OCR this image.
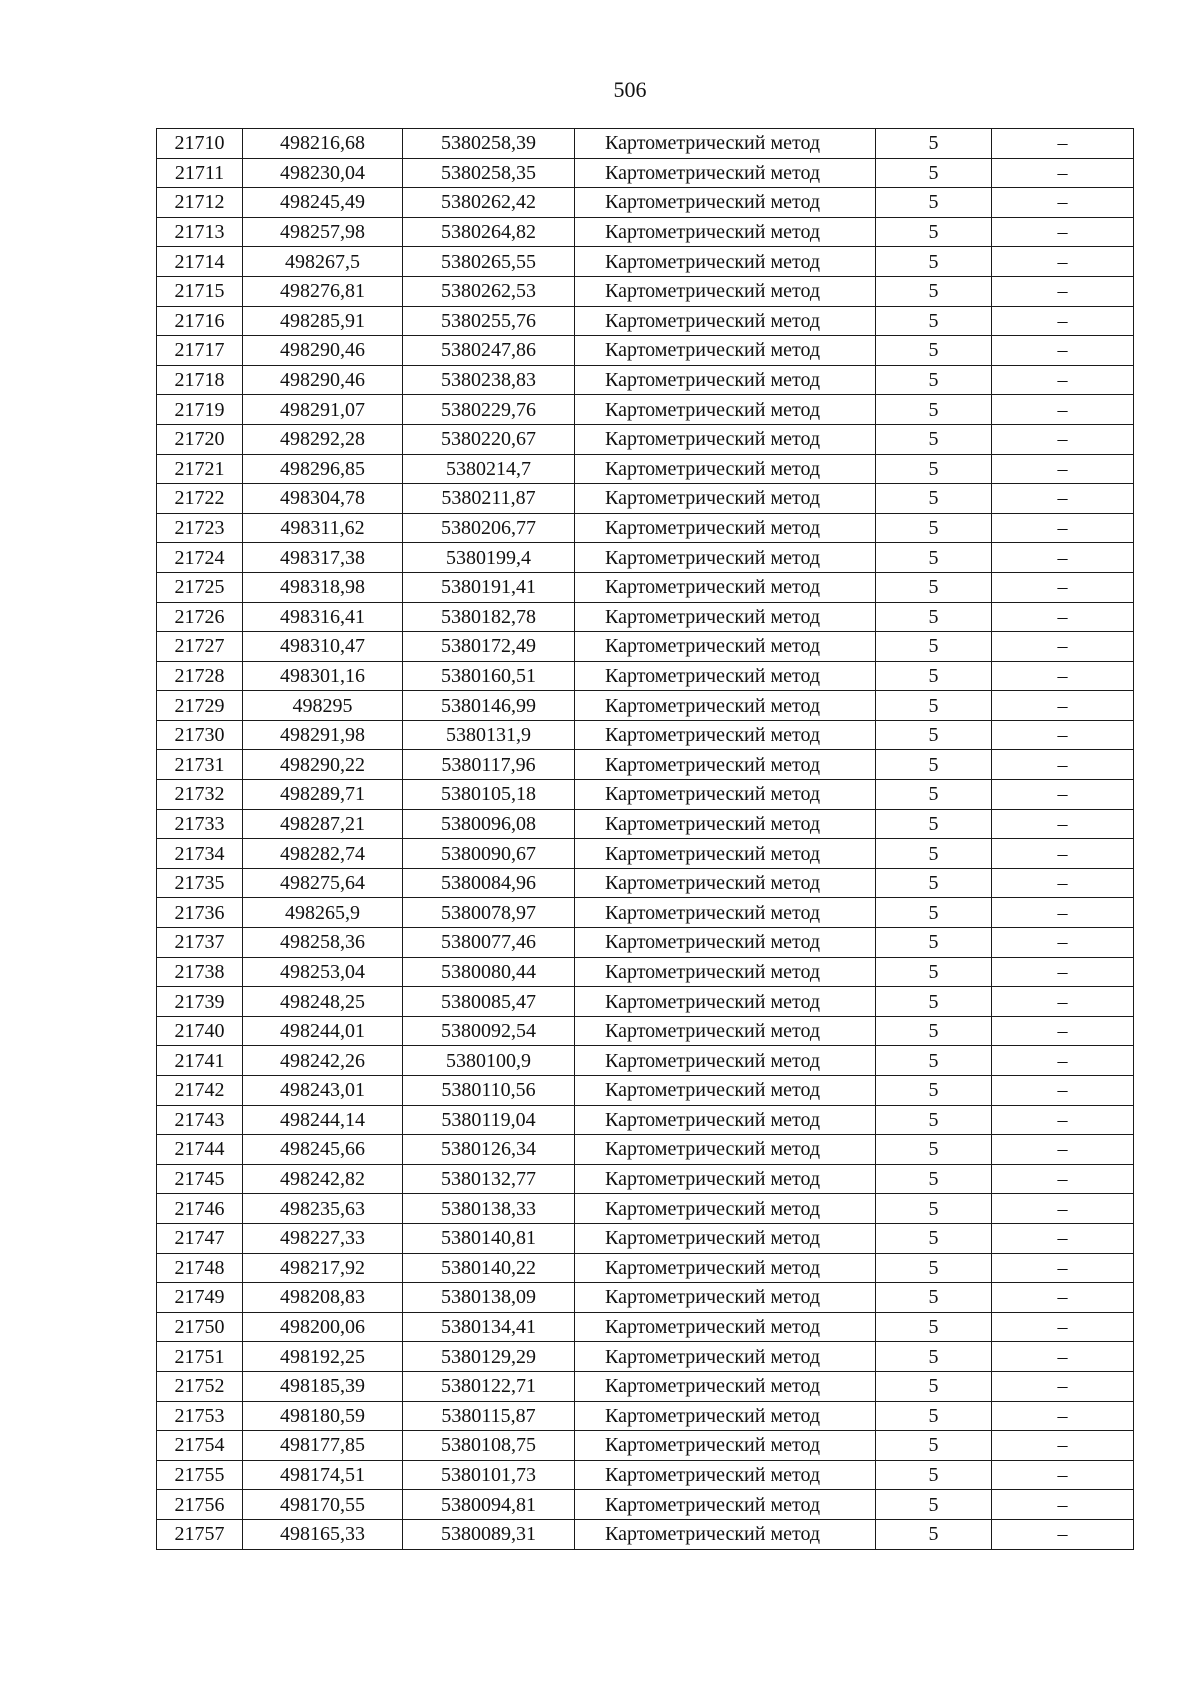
506
21710	498216,68	5380258,39	Картометрический метод	5	–
21711	498230,04	5380258,35	Картометрический метод	5	–
21712	498245,49	5380262,42	Картометрический метод	5	–
21713	498257,98	5380264,82	Картометрический метод	5	–
21714	498267,5	5380265,55	Картометрический метод	5	–
21715	498276,81	5380262,53	Картометрический метод	5	–
21716	498285,91	5380255,76	Картометрический метод	5	–
21717	498290,46	5380247,86	Картометрический метод	5	–
21718	498290,46	5380238,83	Картометрический метод	5	–
21719	498291,07	5380229,76	Картометрический метод	5	–
21720	498292,28	5380220,67	Картометрический метод	5	–
21721	498296,85	5380214,7	Картометрический метод	5	–
21722	498304,78	5380211,87	Картометрический метод	5	–
21723	498311,62	5380206,77	Картометрический метод	5	–
21724	498317,38	5380199,4	Картометрический метод	5	–
21725	498318,98	5380191,41	Картометрический метод	5	–
21726	498316,41	5380182,78	Картометрический метод	5	–
21727	498310,47	5380172,49	Картометрический метод	5	–
21728	498301,16	5380160,51	Картометрический метод	5	–
21729	498295	5380146,99	Картометрический метод	5	–
21730	498291,98	5380131,9	Картометрический метод	5	–
21731	498290,22	5380117,96	Картометрический метод	5	–
21732	498289,71	5380105,18	Картометрический метод	5	–
21733	498287,21	5380096,08	Картометрический метод	5	–
21734	498282,74	5380090,67	Картометрический метод	5	–
21735	498275,64	5380084,96	Картометрический метод	5	–
21736	498265,9	5380078,97	Картометрический метод	5	–
21737	498258,36	5380077,46	Картометрический метод	5	–
21738	498253,04	5380080,44	Картометрический метод	5	–
21739	498248,25	5380085,47	Картометрический метод	5	–
21740	498244,01	5380092,54	Картометрический метод	5	–
21741	498242,26	5380100,9	Картометрический метод	5	–
21742	498243,01	5380110,56	Картометрический метод	5	–
21743	498244,14	5380119,04	Картометрический метод	5	–
21744	498245,66	5380126,34	Картометрический метод	5	–
21745	498242,82	5380132,77	Картометрический метод	5	–
21746	498235,63	5380138,33	Картометрический метод	5	–
21747	498227,33	5380140,81	Картометрический метод	5	–
21748	498217,92	5380140,22	Картометрический метод	5	–
21749	498208,83	5380138,09	Картометрический метод	5	–
21750	498200,06	5380134,41	Картометрический метод	5	–
21751	498192,25	5380129,29	Картометрический метод	5	–
21752	498185,39	5380122,71	Картометрический метод	5	–
21753	498180,59	5380115,87	Картометрический метод	5	–
21754	498177,85	5380108,75	Картометрический метод	5	–
21755	498174,51	5380101,73	Картометрический метод	5	–
21756	498170,55	5380094,81	Картометрический метод	5	–
21757	498165,33	5380089,31	Картометрический метод	5	–
